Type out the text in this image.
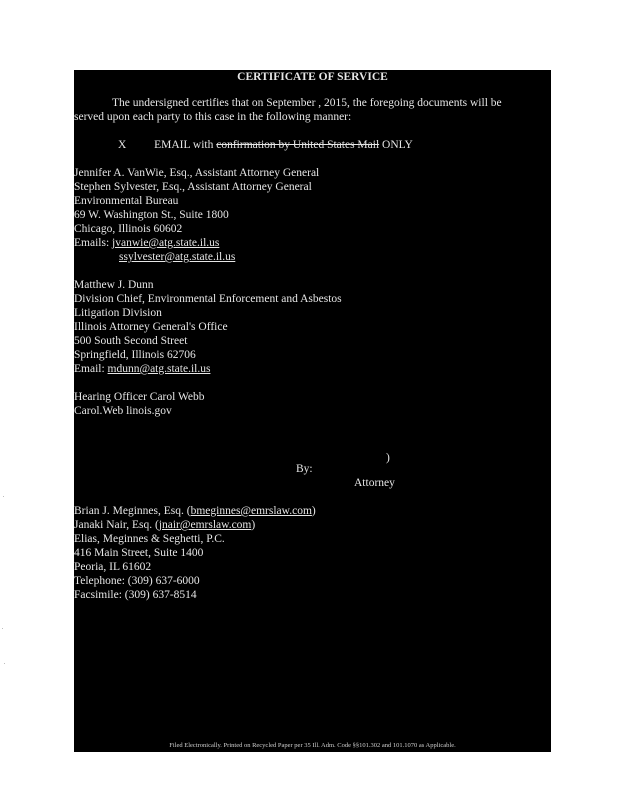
CERTIFICATE OF SERVICE
The undersigned certifies that on September , 2015, the foregoing documents will be
served upon each party to this case in the following manner:
X EMAIL with confirmation by United States Mail ONLY
Jennifer A. VanWie, Esq., Assistant Attorney General
Stephen Sylvester, Esq., Assistant Attorney General
Environmental Bureau
69 W. Washington St., Suite 1800
Chicago, Illinois 60602
Emails: jvanwie@atg.state.il.us
ssylvester@atg.state.il.us
Matthew J. Dunn
Division Chief, Environmental Enforcement and Asbestos
Litigation Division
Illinois Attorney General's Office
500 South Second Street
Springfield, Illinois 62706
Email: mdunn@atg.state.il.us
Hearing Officer Carol Webb
Carol.Web linois.gov
)
By:
Attorney
Brian J. Meginnes, Esq. (bmeginnes@emrslaw.com)
Janaki Nair, Esq. (jnair@emrslaw.com)
Elias, Meginnes & Seghetti, P.C.
416 Main Street, Suite 1400
Peoria, IL 61602
Telephone: (309) 637-6000
Facsimile: (309) 637-8514
Filed Electronically. Printed on Recycled Paper per 35 Ill. Adm. Code §§101.302 and 101.1070 as Applicable.
